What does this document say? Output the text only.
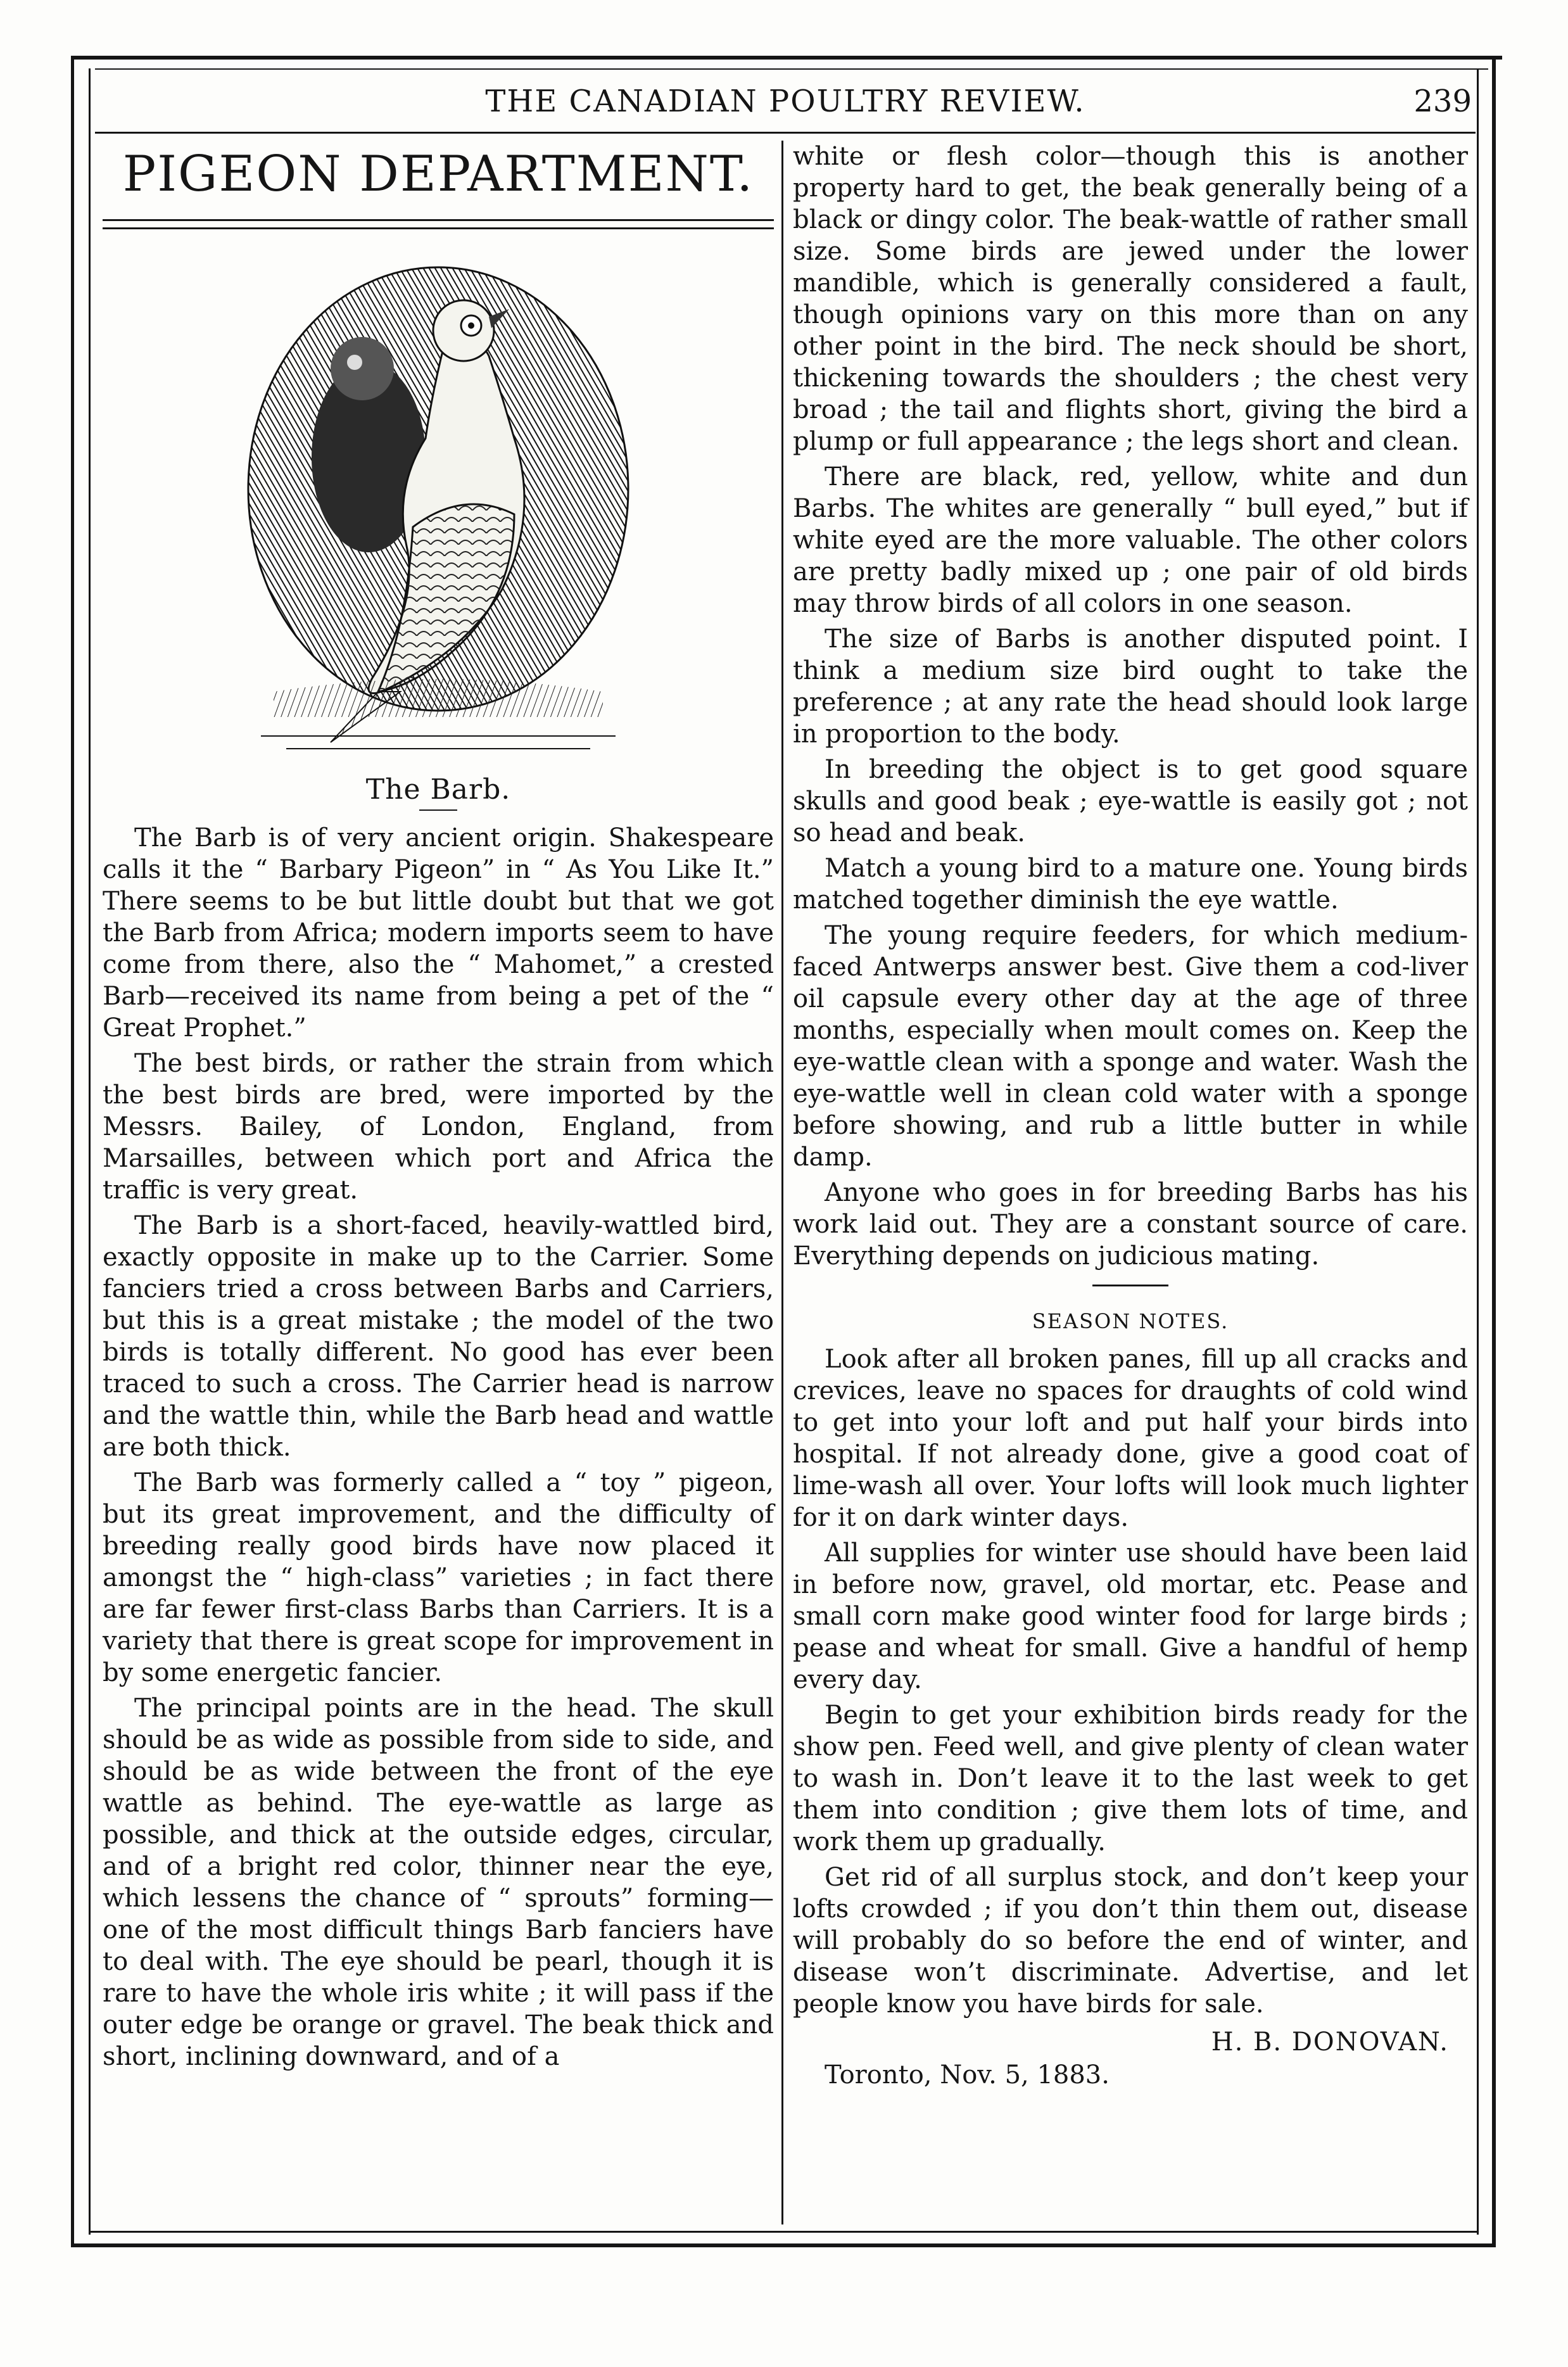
THE CANADIAN POULTRY REVIEW.	239
PIGEON DEPARTMENT.
The Barb.

The Barb is of very ancient origin. Shakespeare calls it the “ Barbary Pigeon” in “ As You Like It.” There seems to be but little doubt but that we got the Barb from Africa; modern imports seem to have come from there, also the “ Mahomet,” a crested Barb—received its name from being a pet of the “ Great Prophet.”

The best birds, or rather the strain from which the best birds are bred, were imported by the Messrs. Bailey, of London, England, from Marsailles, between which port and Africa the traffic is very great.

The Barb is a short-faced, heavily-wattled bird, exactly opposite in make up to the Carrier. Some fanciers tried a cross between Barbs and Carriers, but this is a great mistake ; the model of the two birds is totally different. No good has ever been traced to such a cross. The Carrier head is narrow and the wattle thin, while the Barb head and wattle are both thick.

The Barb was formerly called a “ toy ” pigeon, but its great improvement, and the difficulty of breeding really good birds have now placed it amongst the “ high-class” varieties ; in fact there are far fewer first-class Barbs than Carriers. It is a variety that there is great scope for improvement in by some energetic fancier.

The principal points are in the head. The skull should be as wide as possible from side to side, and should be as wide between the front of the eye wattle as behind. The eye-wattle as large as possible, and thick at the outside edges, circular, and of a bright red color, thinner near the eye, which lessens the chance of “ sprouts” forming—one of the most difficult things Barb fanciers have to deal with. The eye should be pearl, though it is rare to have the whole iris white ; it will pass if the outer edge be orange or gravel. The beak thick and short, inclining downward, and of a

white or flesh color—though this is another property hard to get, the beak generally being of a black or dingy color. The beak-wattle of rather small size. Some birds are jewed under the lower mandible, which is generally considered a fault, though opinions vary on this more than on any other point in the bird. The neck should be short, thickening towards the shoulders ; the chest very broad ; the tail and flights short, giving the bird a plump or full appearance ; the legs short and clean.

There are black, red, yellow, white and dun Barbs. The whites are generally “ bull eyed,” but if white eyed are the more valuable. The other colors are pretty badly mixed up ; one pair of old birds may throw birds of all colors in one season.

The size of Barbs is another disputed point. I think a medium size bird ought to take the preference ; at any rate the head should look large in proportion to the body.

In breeding the object is to get good square skulls and good beak ; eye-wattle is easily got ; not so head and beak.

Match a young bird to a mature one. Young birds matched together diminish the eye wattle.

The young require feeders, for which medium-faced Antwerps answer best. Give them a cod-liver oil capsule every other day at the age of three months, especially when moult comes on. Keep the eye-wattle clean with a sponge and water. Wash the eye-wattle well in clean cold water with a sponge before showing, and rub a little butter in while damp.

Anyone who goes in for breeding Barbs has his work laid out. They are a constant source of care. Everything depends on judicious mating.

SEASON NOTES.

Look after all broken panes, fill up all cracks and crevices, leave no spaces for draughts of cold wind to get into your loft and put half your birds into hospital. If not already done, give a good coat of lime-wash all over. Your lofts will look much lighter for it on dark winter days.

All supplies for winter use should have been laid in before now, gravel, old mortar, etc. Pease and small corn make good winter food for large birds ; pease and wheat for small. Give a handful of hemp every day.

Begin to get your exhibition birds ready for the show pen. Feed well, and give plenty of clean water to wash in. Don’t leave it to the last week to get them into condition ; give them lots of time, and work them up gradually.

Get rid of all surplus stock, and don’t keep your lofts crowded ; if you don’t thin them out, disease will probably do so before the end of winter, and disease won’t discriminate. Advertise, and let people know you have birds for sale.

H. B. DONOVAN.
Toronto, Nov. 5, 1883.
